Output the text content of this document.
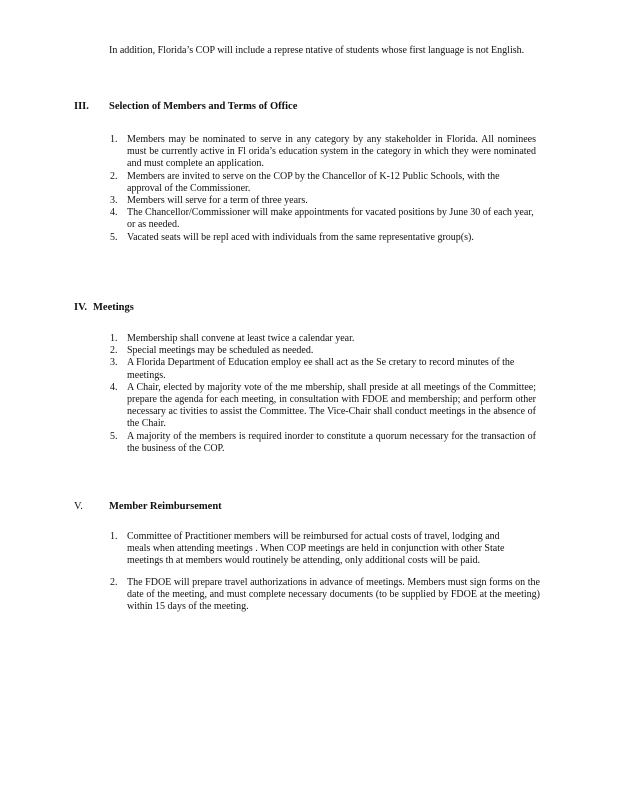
In addition, Florida’s COP will include a represe ntative of students whose first language is not English.
III. Selection of Members and Terms of Office
1. Members may be nominated to serve in any category by any stakeholder in Florida. All nominees must be currently active in Fl orida’s education system in the category in which they were nominated and must complete an application.
2. Members are invited to serve on the COP by the Chancellor of K-12 Public Schools, with the approval of the Commissioner.
3. Members will serve for a term of three years.
4. The Chancellor/Commissioner will make appointments for vacated positions by June 30 of each year, or as needed.
5. Vacated seats will be repl aced with individuals from the same representative group(s).
IV. Meetings
1. Membership shall convene at least twice a calendar year.
2. Special meetings may be scheduled as needed.
3. A Florida Department of Education employ ee shall act as the Se cretary to record minutes of the meetings.
4. A Chair, elected by majority vote of the me mbership, shall preside at all meetings of the Committee; prepare the agenda for each meeting, in consultation with FDOE and membership; and perform other necessary ac tivities to assist the Committee. The Vice-Chair shall conduct meetings in the absence of the Chair.
5. A majority of the members is required inorder to constitute a quorum necessary for the transaction of the business of the COP.
V. Member Reimbursement
1. Committee of Practitioner members will be reimbursed for actual costs of travel, lodging and meals when attending meetings . When COP meetings are held in conjunction with other State meetings th at members would routinely be attending, only additional costs will be paid.
2. The FDOE will prepare travel authorizations in advance of meetings. Members must sign forms on the date of the meeting, and must complete necessary documents (to be supplied by FDOE at the meeting) within 15 days of the meeting.
